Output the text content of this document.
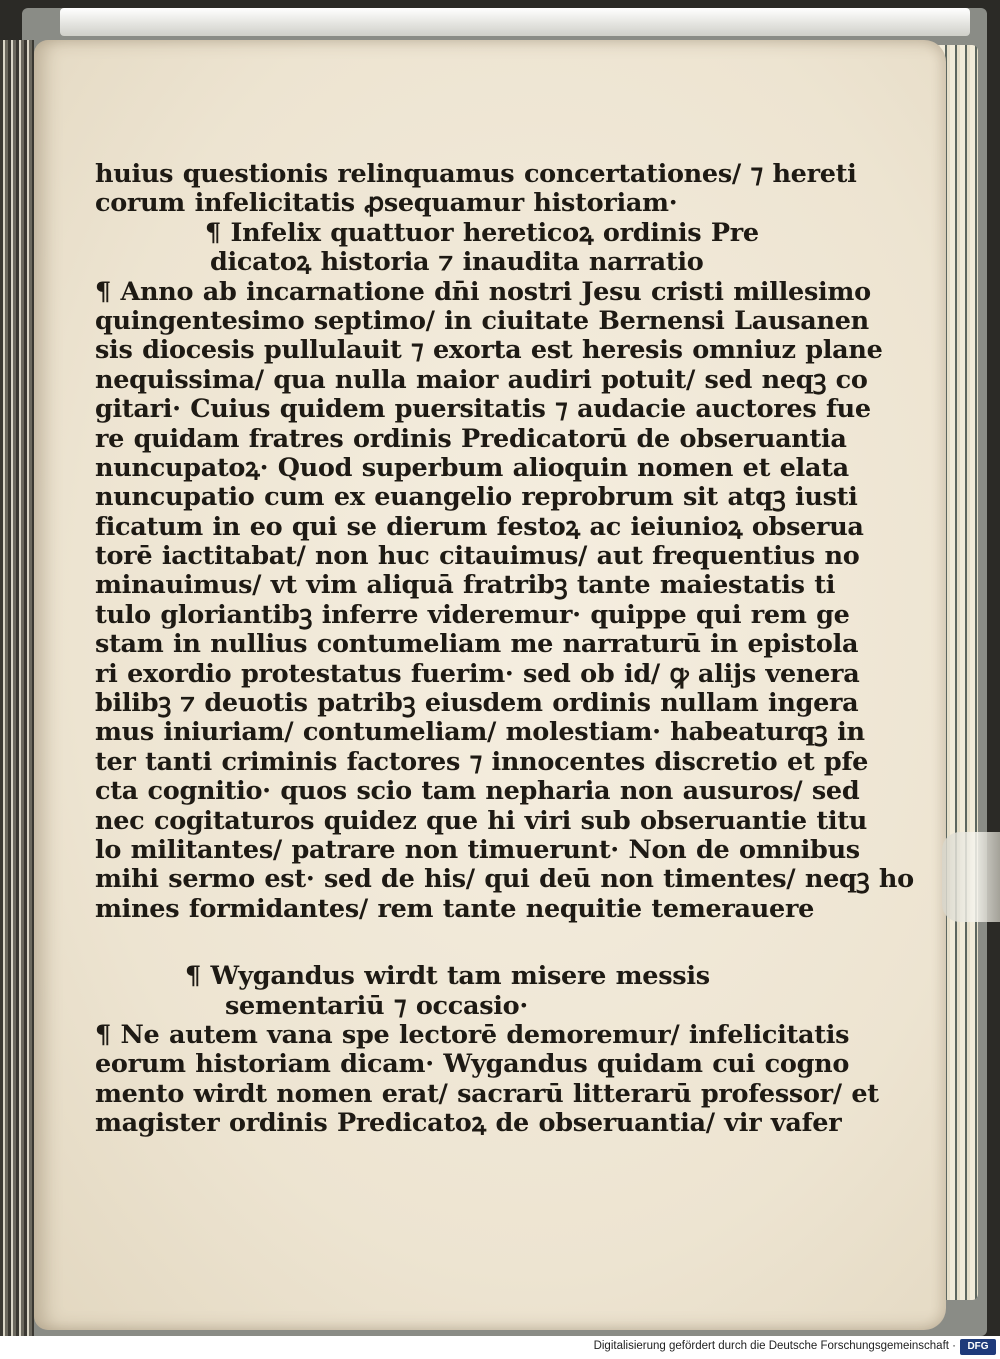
huius questionis relinquamus concertationes/ ⁊ hereti
corum infelicitatis ꝓsequamur historiam·
¶ Infelix quattuor hereticoꝝ ordinis Pre
dicatoꝝ historia ⁊ inaudita narratio
¶ Anno ab incarnatione dn̄i nostri Jesu cristi millesimo
quingentesimo septimo/ in ciuitate Bernensi Lausanen
sis diocesis pullulauit ⁊ exorta est heresis omniuz plane
nequissima/ qua nulla maior audiri potuit/ sed neqꝫ co
gitari· Cuius quidem puersitatis ⁊ audacie auctores fue
re quidam fratres ordinis Predicatorū de obseruantia
nuncupatoꝝ· Quod superbum alioquin nomen et elata
nuncupatio cum ex euangelio reprobrum sit atqꝫ iusti
ficatum in eo qui se dierum festoꝝ ac ieiunioꝝ obserua
torē iactitabat/ non huc citauimus/ aut frequentius no
minauimus/ vt vim aliquā fratribꝫ tante maiestatis ti
tulo gloriantibꝫ inferre videremur· quippe qui rem ge
stam in nullius contumeliam me narraturū in epistola
ri exordio protestatus fuerim· sed ob id/ ꝙ alijs venera
bilibꝫ ⁊ deuotis patribꝫ eiusdem ordinis nullam ingera
mus iniuriam/ contumeliam/ molestiam· habeaturqꝫ in
ter tanti criminis factores ⁊ innocentes discretio et pfe
cta cognitio· quos scio tam nepharia non ausuros/ sed
nec cogitaturos quidez que hi viri sub obseruantie titu
lo militantes/ patrare non timuerunt· Non de omnibus
mihi sermo est· sed de his/ qui deū non timentes/ neqꝫ ho
mines formidantes/ rem tante nequitie temerauere
¶ Wygandus wirdt tam misere messis
sementariū ⁊ occasio·
¶ Ne autem vana spe lectorē demoremur/ infelicitatis
eorum historiam dicam· Wygandus quidam cui cogno
mento wirdt nomen erat/ sacrarū litterarū professor/ et
magister ordinis Predicatoꝝ de obseruantia/ vir vafer
Digitalisierung gefördert durch die Deutsche Forschungsgemeinschaft ·	DFG
